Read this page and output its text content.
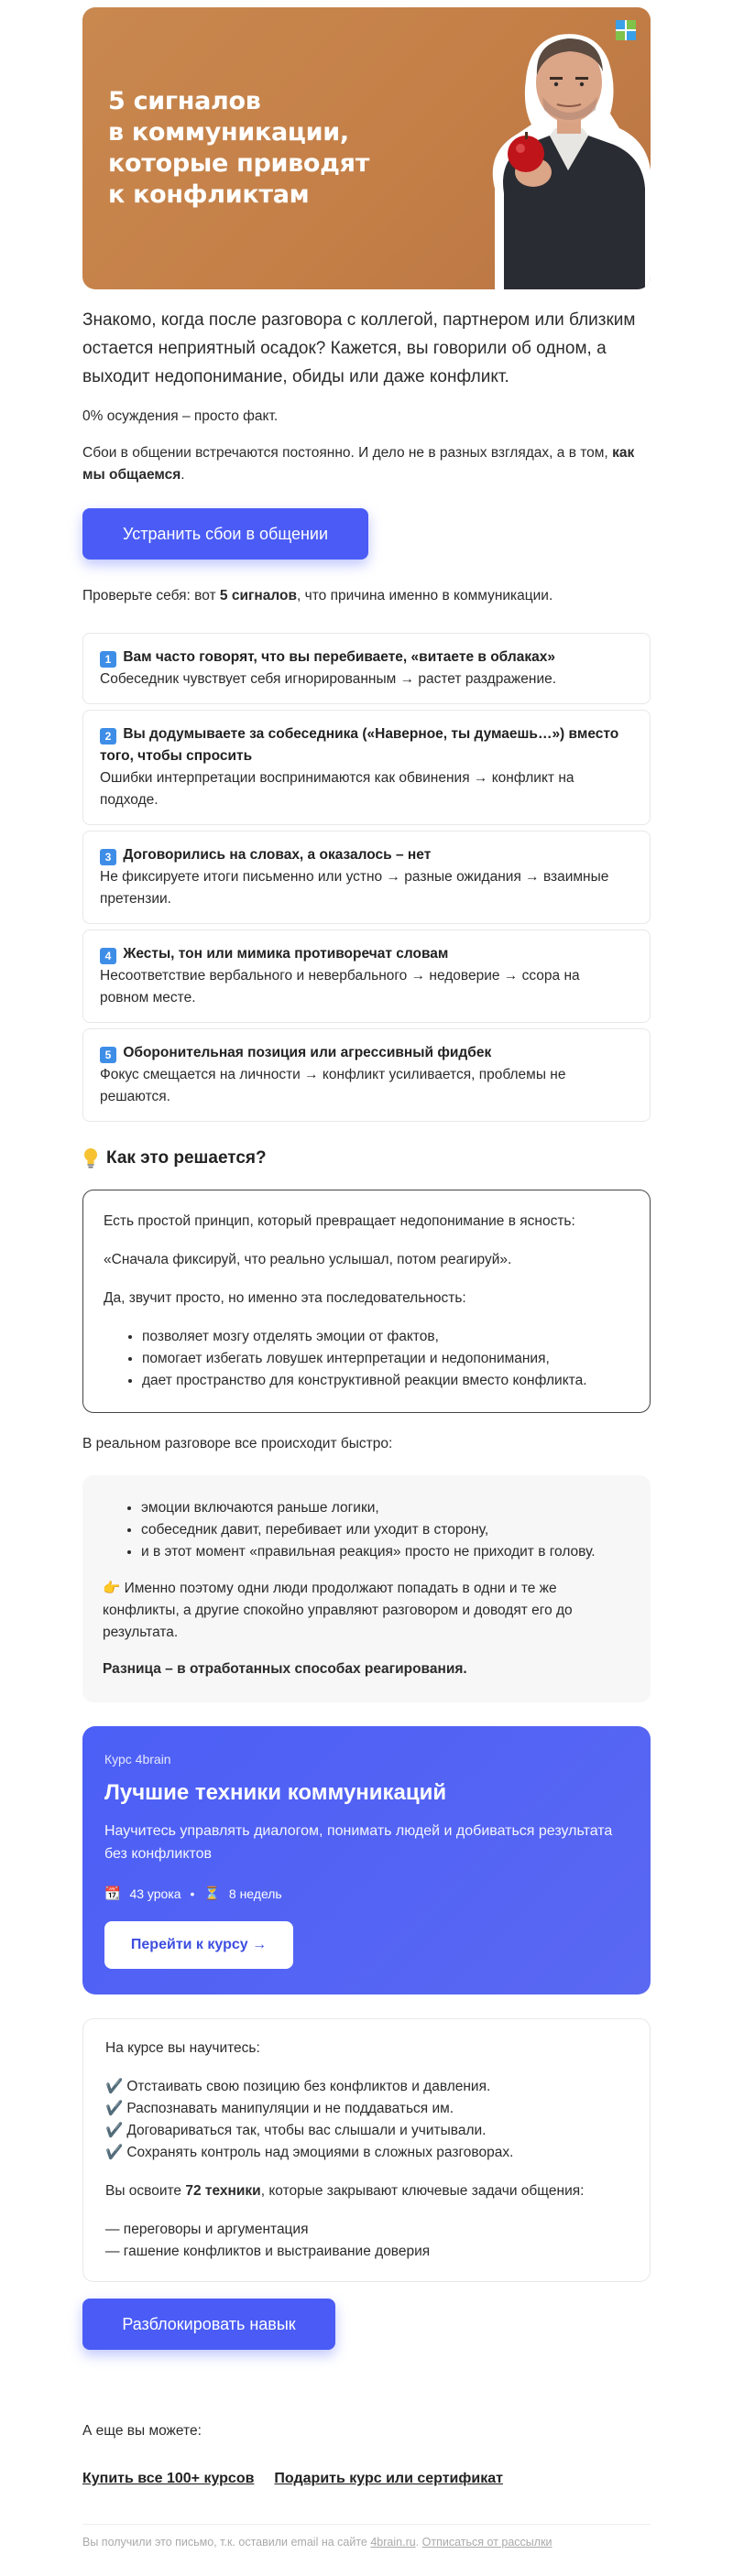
5 сигналов
в коммуникации,
которые приводят
к конфликтам

Знакомо, когда после разговора с коллегой, партнером или близким остается неприятный осадок? Кажется, вы говорили об одном, а выходит недопонимание, обиды или даже конфликт.

0% осуждения – просто факт.

Сбои в общении встречаются постоянно. И дело не в разных взглядах, а в том, как мы общаемся.

Устранить сбои в общении

Проверьте себя: вот 5 сигналов, что причина именно в коммуникации.

1 Вам часто говорят, что вы перебиваете, «витаете в облаках»
Собеседник чувствует себя игнорированным → растет раздражение.
2 Вы додумываете за собеседника («Наверное, ты думаешь…») вместо того, чтобы спросить
Ошибки интерпретации воспринимаются как обвинения → конфликт на подходе.
3 Договорились на словах, а оказалось – нет
Не фиксируете итоги письменно или устно → разные ожидания → взаимные претензии.
4 Жесты, тон или мимика противоречат словам
Несоответствие вербального и невербального → недоверие → ссора на ровном месте.
5 Оборонительная позиция или агрессивный фидбек
Фокус смещается на личности → конфликт усиливается, проблемы не решаются.
Как это решается?

Есть простой принцип, который превращает недопонимание в ясность:

«Сначала фиксируй, что реально услышал, потом реагируй».

Да, звучит просто, но именно эта последовательность:

• позволяет мозгу отделять эмоции от фактов,
• помогает избегать ловушек интерпретации и недопонимания,
• дает пространство для конструктивной реакции вместо конфликта.

В реальном разговоре все происходит быстро:

• эмоции включаются раньше логики,
• собеседник давит, перебивает или уходит в сторону,
• и в этот момент «правильная реакция» просто не приходит в голову.

👉 Именно поэтому одни люди продолжают попадать в одни и те же конфликты, а другие спокойно управляют разговором и доводят его до результата.

Разница – в отработанных способах реагирования.

Курс 4brain
Лучшие техники коммуникаций
Научитесь управлять диалогом, понимать людей и добиваться результата без конфликтов
📆 43 урока • ⏳ 8 недель
Перейти к курсу →

На курсе вы научитесь:

✔️ Отстаивать свою позицию без конфликтов и давления.

✔️ Распознавать манипуляции и не поддаваться им.

✔️ Договариваться так, чтобы вас слышали и учитывали.

✔️ Сохранять контроль над эмоциями в сложных разговорах.

Вы освоите 72 техники, которые закрывают ключевые задачи общения:

— переговоры и аргументация

— гашение конфликтов и выстраивание доверия

Разблокировать навык

А еще вы можете:

Купить все 100+ курсов Подарить курс или сертификат
Вы получили это письмо, т.к. оставили email на сайте 4brain.ru. Отписаться от рассылки
